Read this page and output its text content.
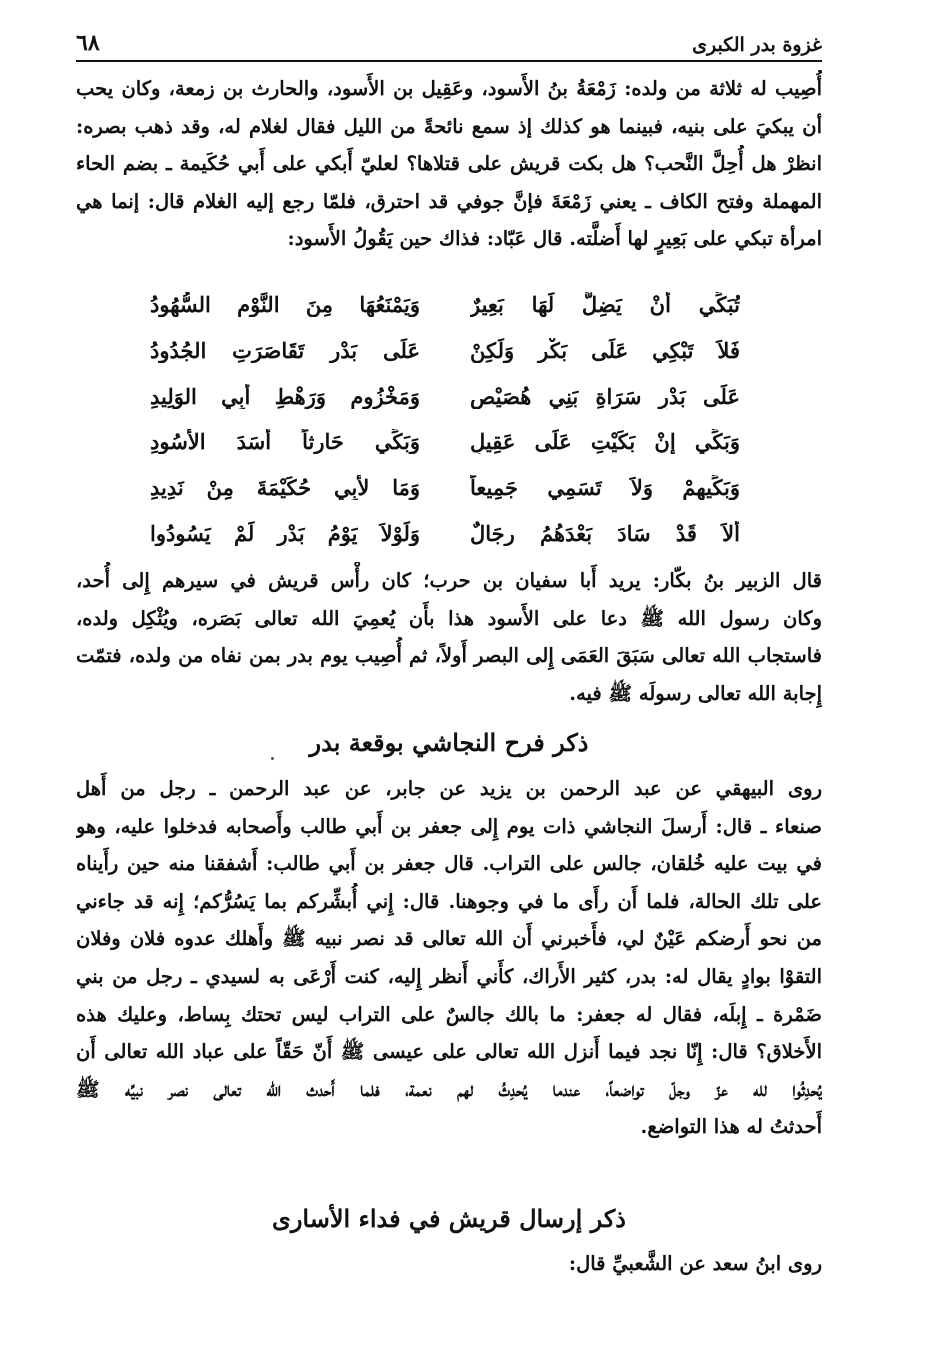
غزوة بدر الكبرى
٦٨
أُصِيب له ثلاثة من ولده: زَمْعَةُ بنُ الأَسود، وعَقِيل بن الأَسود، والحارث بن زمعة، وكان يحب
أن يبكيَ على بنيه، فبينما هو كذلك إذ سمع نائحةً من الليل فقال لغلام له، وقد ذهب بصره:
انظرْ هل أُحِلَّ النَّحب؟ هل بكت قريش على قتلاها؟ لعليّ أَبكي على أَبي حُكَيمة ـ بضم الحاء
المهملة وفتح الكاف ـ يعني زَمْعَةَ فإنَّ جوفي قد احترق، فلمّا رجع إليه الغلام قال: إنما هي
امرأة تبكي على بَعِيرٍ لها أَضلَّته. قال عَبّاد: فذاك حين يَقُولُ الأَسود:
تُبَكِّي أَنْ يَضِلَّ لَهَا بَعِيرٌ
وَيَمْنَعُهَا مِنَ النَّوْمِ السُّهُودُ
فَلاَ تَبْكِي عَلَى بَكْرٍ وَلَكِنْ
عَلَى بَدْرٍ تَقَاصَرَتِ الجُدُودُ
عَلَى بَدْرٍ سَرَاةِ بَنِي هُصَيْصٍ
وَمَخْزُومٍ وَرَهْطِ أَبِي الوَلِيدِ
وَبَكِّي إِنْ بَكَيْتِ عَلَى عَقِيلٍ
وَبَكِّي حَارِثاً أَسَدَ الأُسُودِ
وَبَكِّيهِمْ وَلاَ تَسَمِي جَمِيعاً
وَمَا لأَبِي حُكَيْمَةَ مِنْ نَدِيدِ
أَلاَ قَدْ سَادَ بَعْدَهُمُ رِجَالٌ
وَلَوْلاَ يَوْمُ بَدْرٍ لَمْ يَسُودُوا
قال الزبير بنُ بكّار: يريد أَبا سفيان بن حرب؛ كان رأْس قريش في سيرهم إِلى أُحد،
وكان رسول الله ﷺ دعا على الأَسود هذا بأَن يُعمِيَ الله تعالى بَصَره، ويُثْكِل ولده،
فاستجاب الله تعالى سَبَقَ العَمَى إِلى البصر أَولاً، ثم أُصِيب يوم بدر بمن نفاه من ولده، فتمّت
إِجابة الله تعالى رسولَه ﷺ فيه.
ذكر فرح النجاشي بوقعة بدر
روى البيهقي عن عبد الرحمن بن يزيد عن جابر، عن عبد الرحمن ـ رجل من أَهل
صنعاء ـ قال: أَرسلَ النجاشي ذات يوم إِلى جعفر بن أَبي طالب وأَصحابه فدخلوا عليه، وهو
في بيت عليه خُلقان، جالس على التراب. قال جعفر بن أَبي طالب: أَشفقنا منه حين رأَيناه
على تلك الحالة، فلما أَن رأَى ما في وجوهنا. قال: إِني أُبشِّركم بما يَسُرُّكم؛ إِنه قد جاءني
من نحو أَرضكم عَيْنٌ لي، فأَخبرني أَن الله تعالى قد نصر نبيه ﷺ وأَهلك عدوه فلان وفلان
التقوْا بوادٍ يقال له: بدر، كثير الأَراك، كأَني أَنظر إِليه، كنت أَرْعَى به لسيدي ـ رجل من بني
ضَمْرة ـ إِبلَه، فقال له جعفر: ما بالك جالسٌ على التراب ليس تحتك بِساط، وعليك هذه
الأَخلاق؟ قال: إِنّا نجد فيما أَنزل الله تعالى على عيسى ﷺ أَنّ حَقّاً على عباد الله تعالى أَن
يُحدِثُوا لله عزّ وجلّ تواضعاً، عندما يُحدِثُ لهم نعمة، فلما أَحدث الله تعالى نصر نبيِّه ﷺ
أَحدثتُ له هذا التواضع.
ذكر إرسال قريش في فداء الأسارى
روى ابنُ سعد عن الشَّعبيِّ قال:
